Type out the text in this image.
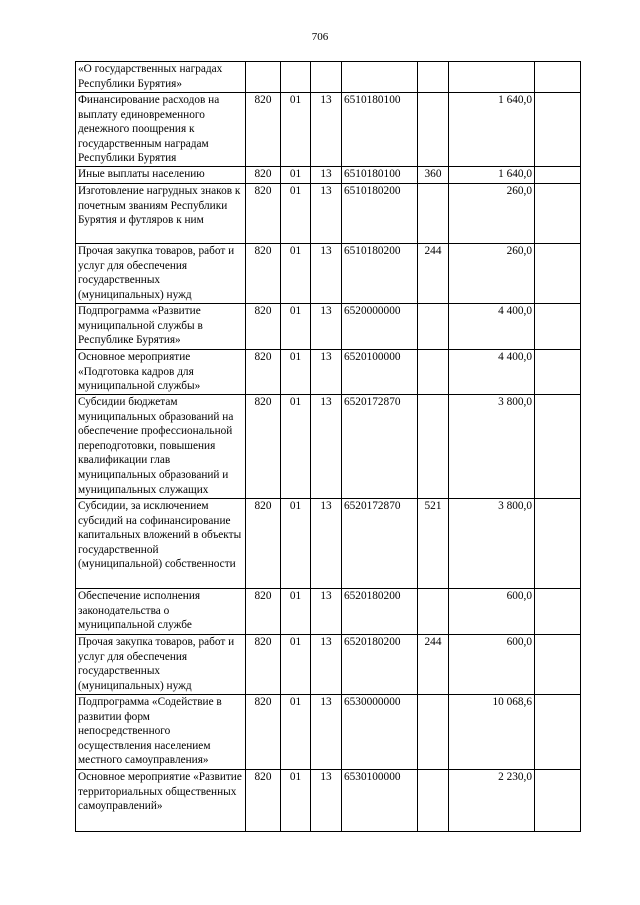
706
«О государственных наградах Республики Бурятия»							
Финансирование расходов на выплату единовременного денежного поощрения к государственным наградам Республики Бурятия	820	01	13	6510180100		1 640,0	
Иные выплаты населению	820	01	13	6510180100	360	1 640,0	
Изготовление нагрудных знаков к почетным званиям Республики Бурятия и футляров к ним	820	01	13	6510180200		260,0	
Прочая закупка товаров, работ и услуг для обеспечения государственных (муниципальных) нужд	820	01	13	6510180200	244	260,0	
Подпрограмма «Развитие муниципальной службы в Республике Бурятия»	820	01	13	6520000000		4 400,0	
Основное мероприятие «Подготовка кадров для муниципальной службы»	820	01	13	6520100000		4 400,0	
Субсидии бюджетам муниципальных образований на обеспечение профессиональной переподготовки, повышения квалификации глав муниципальных образований и муниципальных служащих	820	01	13	6520172870		3 800,0	
Субсидии, за исключением субсидий на софинансирование капитальных вложений в объекты государственной (муниципальной) собственности	820	01	13	6520172870	521	3 800,0	
Обеспечение исполнения законодательства о муниципальной службе	820	01	13	6520180200		600,0	
Прочая закупка товаров, работ и услуг для обеспечения государственных (муниципальных) нужд	820	01	13	6520180200	244	600,0	
Подпрограмма «Содействие в развитии форм непосредственного осуществления населением местного самоуправления»	820	01	13	6530000000		10 068,6	
Основное мероприятие «Развитие территориальных общественных самоуправлений»	820	01	13	6530100000		2 230,0	
